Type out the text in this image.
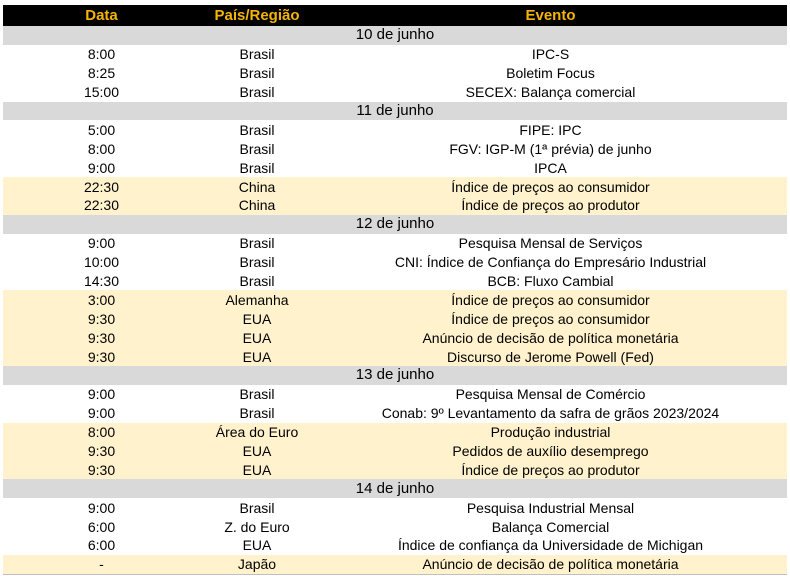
Data	País/Região	Evento
10 de junho		
8:00	Brasil	IPC-S
8:25	Brasil	Boletim Focus
15:00	Brasil	SECEX: Balança comercial
11 de junho		
5:00	Brasil	FIPE: IPC
8:00	Brasil	FGV: IGP-M (1ª prévia) de junho
9:00	Brasil	IPCA
22:30	China	Índice de preços ao consumidor
22:30	China	Índice de preços ao produtor
12 de junho		
9:00	Brasil	Pesquisa Mensal de Serviços
10:00	Brasil	CNI: Índice de Confiança do Empresário Industrial
14:30	Brasil	BCB: Fluxo Cambial
3:00	Alemanha	Índice de preços ao consumidor
9:30	EUA	Índice de preços ao consumidor
9:30	EUA	Anúncio de decisão de política monetária
9:30	EUA	Discurso de Jerome Powell (Fed)
13 de junho		
9:00	Brasil	Pesquisa Mensal de Comércio
9:00	Brasil	Conab: 9º Levantamento da safra de grãos 2023/2024
8:00	Área do Euro	Produção industrial
9:30	EUA	Pedidos de auxílio desemprego
9:30	EUA	Índice de preços ao produtor
14 de junho		
9:00	Brasil	Pesquisa Industrial Mensal
6:00	Z. do Euro	Balança Comercial
6:00	EUA	Índice de confiança da Universidade de Michigan
-	Japão	Anúncio de decisão de política monetária
